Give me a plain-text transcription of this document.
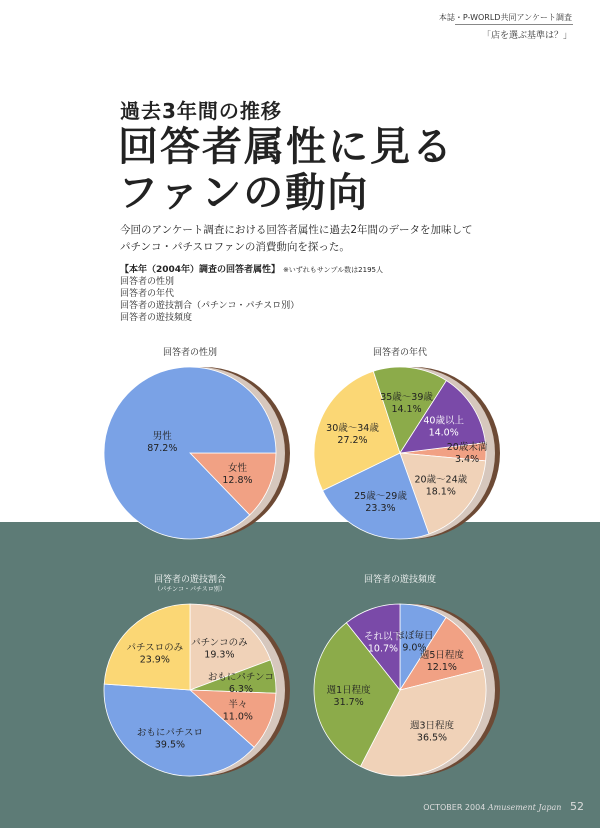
本誌・P-WORLD共同アンケート調査
「店を選ぶ基準は？」
過去3年間の推移
回答者属性に見る
ファンの動向
今回のアンケート調査における回答者属性に過去2年間のデータを加味して
パチンコ・パチスロファンの消費動向を探った。
【本年（2004年）調査の回答者属性】 ※いずれもサンプル数は2195人
回答者の性別
回答者の年代
回答者の遊技割合（パチンコ・パチスロ別）
回答者の遊技頻度
回答者の性別
女性
12.8%
男性
87.2%
回答者の年代
20歳未満
3.4%
20歳〜24歳
18.1%
25歳〜29歳
23.3%
30歳〜34歳
27.2%
35歳〜39歳
14.1%
40歳以上
14.0%
回答者の遊技割合
（パチンコ・パチスロ別）
パチンコのみ
19.3%
おもにパチンコ
6.3%
半々
11.0%
おもにパチスロ
39.5%
パチスロのみ
23.9%
回答者の遊技頻度
ほぼ毎日
9.0%
週5日程度
12.1%
週3日程度
36.5%
週1日程度
31.7%
それ以下
10.7%
OCTOBER 2004 Amusement Japan 52
